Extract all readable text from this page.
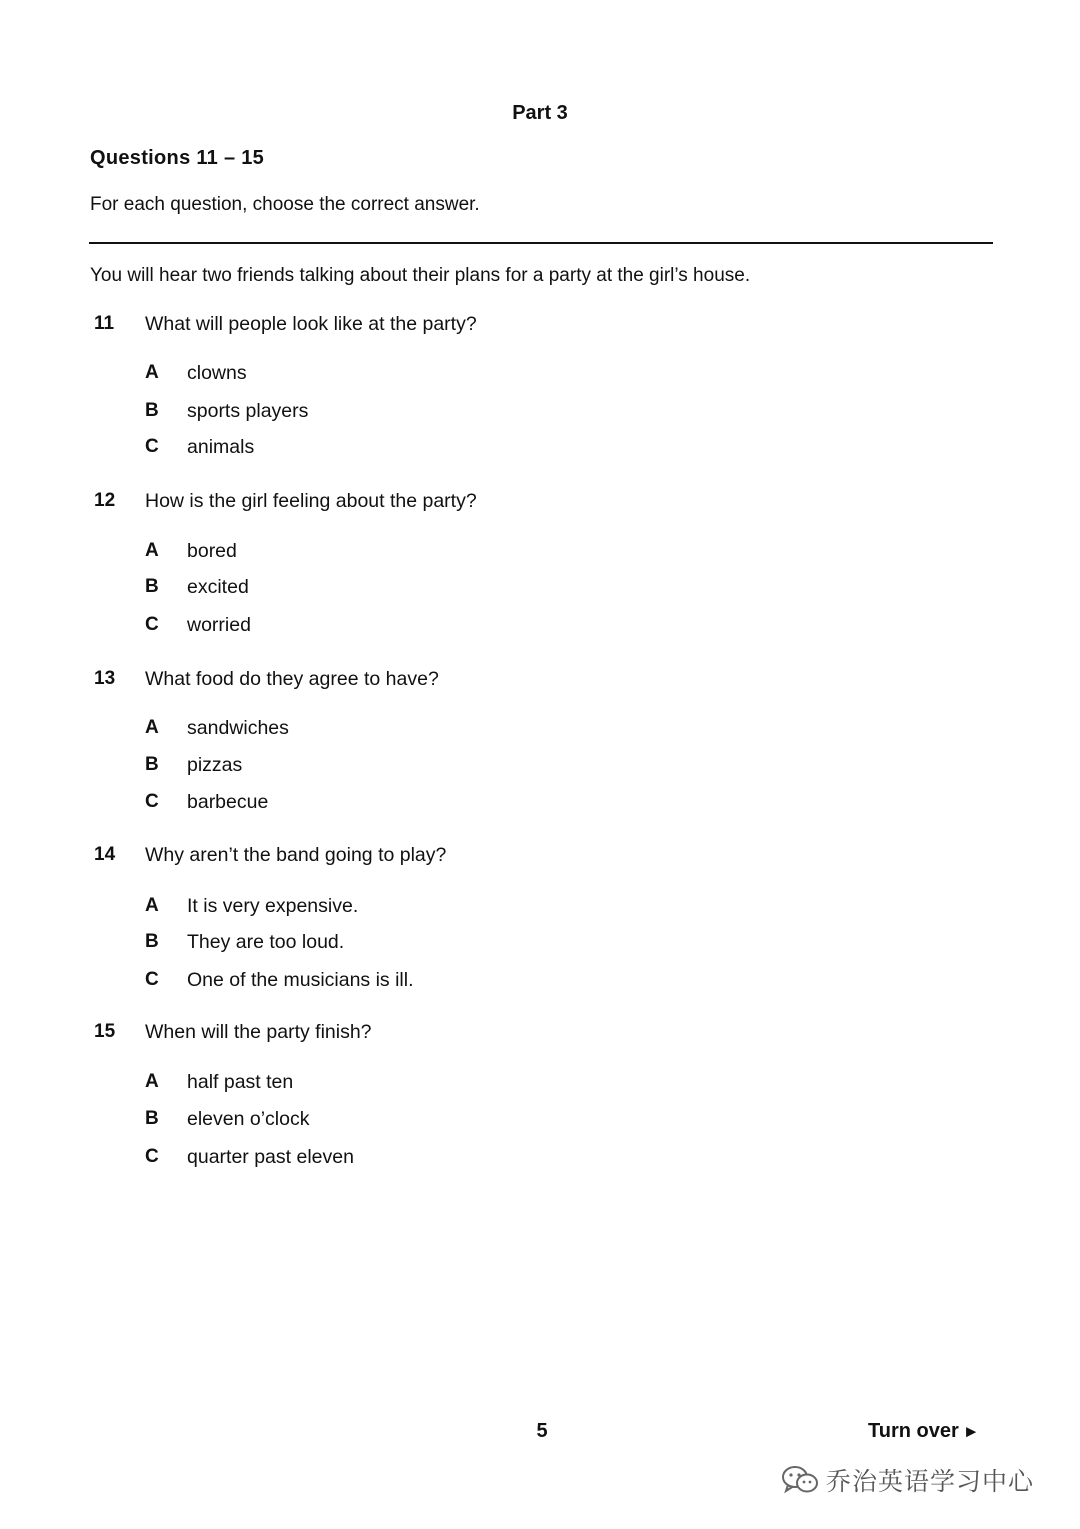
Part 3
Questions 11 – 15
For each question, choose the correct answer.
You will hear two friends talking about their plans for a party at the girl’s house.
11 What will people look like at the party?
A clowns
B sports players
C animals
12 How is the girl feeling about the party?
A bored
B excited
C worried
13 What food do they agree to have?
A sandwiches
B pizzas
C barbecue
14 Why aren’t the band going to play?
A It is very expensive.
B They are too loud.
C One of the musicians is ill.
15 When will the party finish?
A half past ten
B eleven o’clock
C quarter past eleven
5	Turn over ►
乔治英语学习中心
